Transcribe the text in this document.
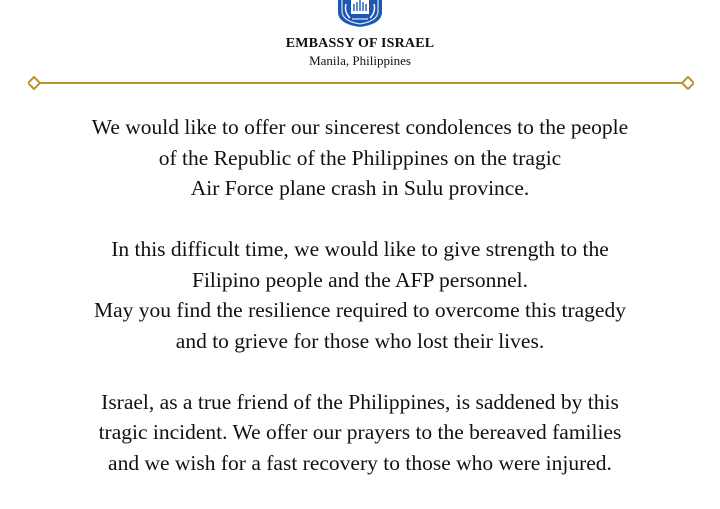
EMBASSY OF ISRAEL
Manila, Philippines

We would like to offer our sincerest condolences to the people
of the Republic of the Philippines on the tragic
Air Force plane crash in Sulu province.

In this difficult time, we would like to give strength to the
Filipino people and the AFP personnel.
May you find the resilience required to overcome this tragedy
and to grieve for those who lost their lives.

Israel, as a true friend of the Philippines, is saddened by this
tragic incident. We offer our prayers to the bereaved families
and we wish for a fast recovery to those who were injured.
